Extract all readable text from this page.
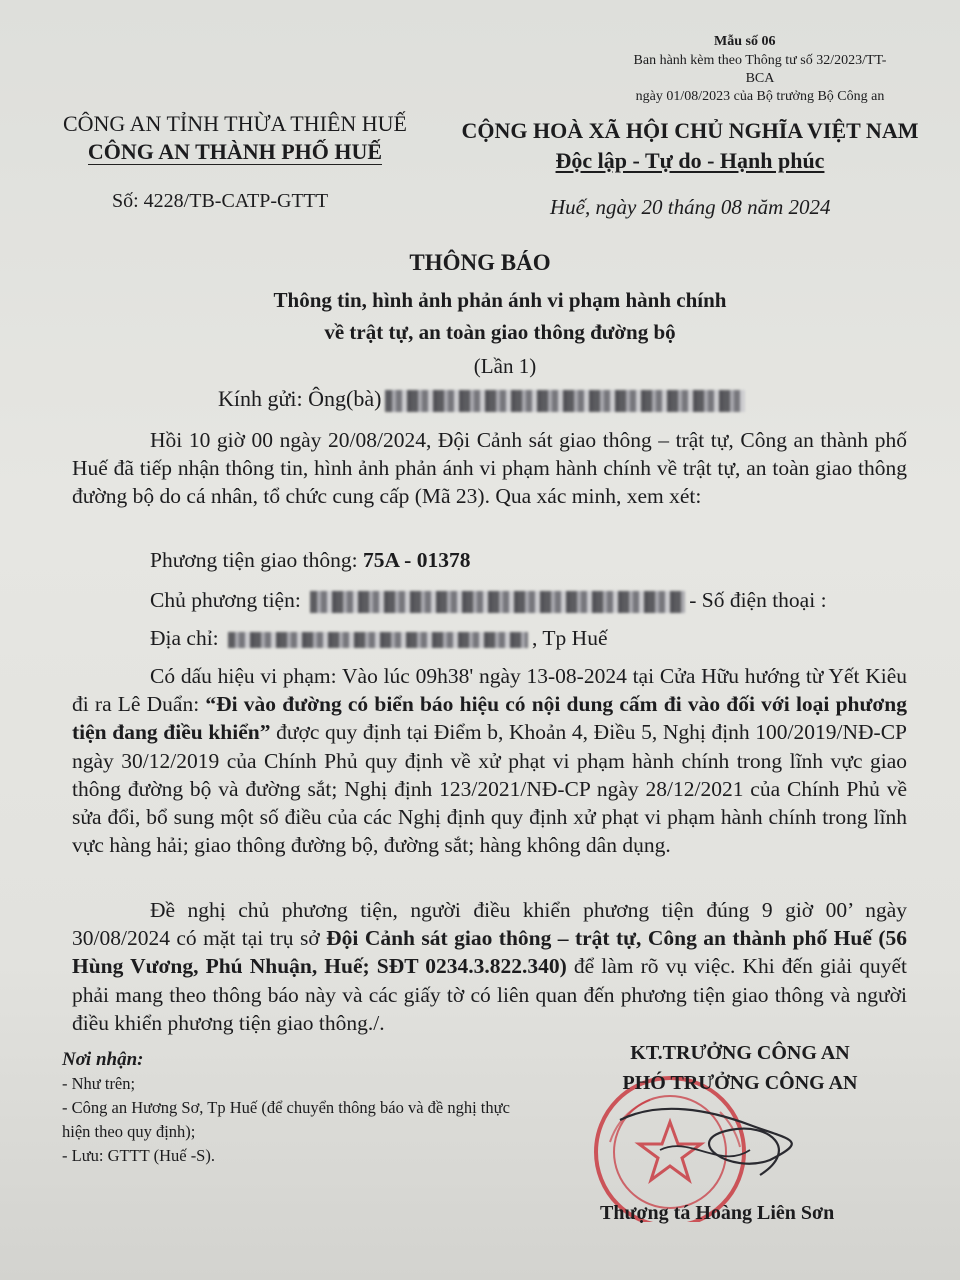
Mẫu số 06
Ban hành kèm theo Thông tư số 32/2023/TT-BCA
ngày 01/08/2023 của Bộ trưởng Bộ Công an
CÔNG AN TỈNH THỪA THIÊN HUẾ
CÔNG AN THÀNH PHỐ HUẾ
CỘNG HOÀ XÃ HỘI CHỦ NGHĨA VIỆT NAM
Độc lập - Tự do - Hạnh phúc
Số: 4228/TB-CATP-GTTT	Huế, ngày 20 tháng 08 năm 2024
THÔNG BÁO
Thông tin, hình ảnh phản ánh vi phạm hành chính
về trật tự, an toàn giao thông đường bộ
(Lần 1)
Kính gửi: Ông(bà)
Hồi 10 giờ 00 ngày 20/08/2024, Đội Cảnh sát giao thông – trật tự, Công an thành phố Huế đã tiếp nhận thông tin, hình ảnh phản ánh vi phạm hành chính về trật tự, an toàn giao thông đường bộ do cá nhân, tổ chức cung cấp (Mã 23). Qua xác minh, xem xét:
Phương tiện giao thông: 75A - 01378
Chủ phương tiện:	- Số điện thoại :
Địa chỉ:	, Tp Huế
Có dấu hiệu vi phạm: Vào lúc 09h38' ngày 13-08-2024 tại Cửa Hữu hướng từ Yết Kiêu đi ra Lê Duẩn: “Đi vào đường có biển báo hiệu có nội dung cấm đi vào đối với loại phương tiện đang điều khiển” được quy định tại Điểm b, Khoản 4, Điều 5, Nghị định 100/2019/NĐ-CP ngày 30/12/2019 của Chính Phủ quy định về xử phạt vi phạm hành chính trong lĩnh vực giao thông đường bộ và đường sắt; Nghị định 123/2021/NĐ-CP ngày 28/12/2021 của Chính Phủ về sửa đổi, bổ sung một số điều của các Nghị định quy định xử phạt vi phạm hành chính trong lĩnh vực hàng hải; giao thông đường bộ, đường sắt; hàng không dân dụng.
Đề nghị chủ phương tiện, người điều khiển phương tiện đúng 9 giờ 00’ ngày 30/08/2024 có mặt tại trụ sở Đội Cảnh sát giao thông – trật tự, Công an thành phố Huế (56 Hùng Vương, Phú Nhuận, Huế; SĐT 0234.3.822.340) để làm rõ vụ việc. Khi đến giải quyết phải mang theo thông báo này và các giấy tờ có liên quan đến phương tiện giao thông và người điều khiển phương tiện giao thông./.
Nơi nhận:
- Như trên;
- Công an Hương Sơ, Tp Huế (để chuyển thông báo và đề nghị thực hiện theo quy định);
- Lưu: GTTT (Huế -S).
KT.TRƯỞNG CÔNG AN
PHÓ TRƯỞNG CÔNG AN
Thượng tá Hoàng Liên Sơn
